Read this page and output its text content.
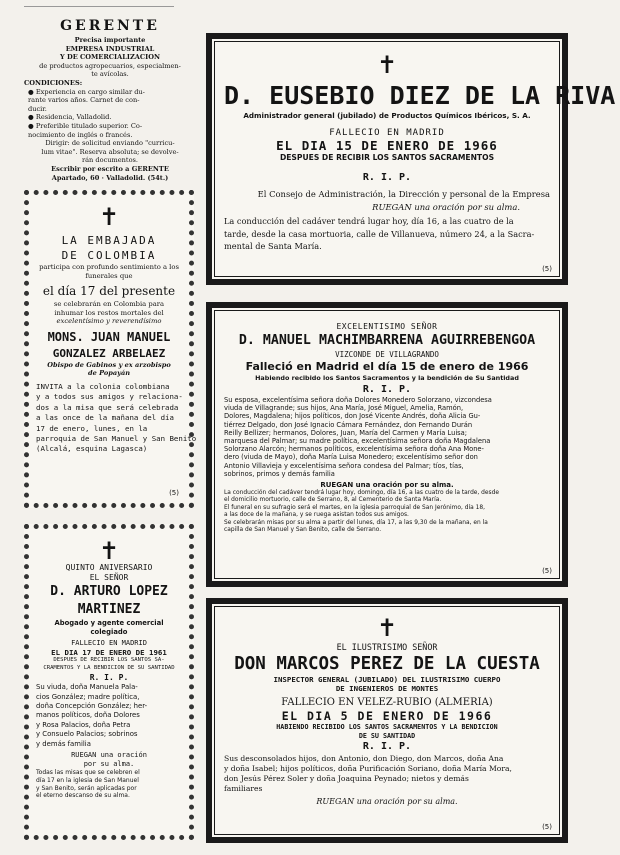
GERENTE
Precisa importante
EMPRESA INDUSTRIAL
Y DE COMERCIALIZACION
de productos agropecuarios, especialmen-
te avícolas.
CONDICIONES:
● Experiencia en cargo similar du-
rante varios años. Carnet de con-
ducir.
● Residencia, Valladolid.
● Preferible titulado superior. Co-
nocimiento de inglés o francés.
Dirigir: de solicitud enviando "curricu-
lum vitae". Reserva absoluta; se devolve-
rán documentos.
Escribir por escrito a GERENTE
Apartado, 60 · Valladolid. (54t.)
✝
D. EUSEBIO DIEZ DE LA RIVA
Administrador general (jubilado) de Productos Químicos Ibéricos, S. A.
FALLECIO EN MADRID
EL DIA 15 DE ENERO DE 1966
DESPUES DE RECIBIR LOS SANTOS SACRAMENTOS
R. I. P.
El Consejo de Administración, la Dirección y personal de la Empresa
RUEGAN una oración por su alma.
La conducción del cadáver tendrá lugar hoy, día 16, a las cuatro de la
tarde, desde la casa mortuoria, calle de Villanueva, número 24, a la Sacra-
mental de Santa María.
(5)
EXCELENTISIMO SEÑOR
D. MANUEL MACHIMBARRENA AGUIRREBENGOA
VIZCONDE DE VILLAGRANDO
Falleció en Madrid el día 15 de enero de 1966
Habiendo recibido los Santos Sacramentos y la bendición de Su Santidad
R. I. P.
Su esposa, excelentísima señora doña Dolores Monedero Solorzano, vizcondesa
viuda de Villagrande; sus hijos, Ana María, José Miguel, Amelia, Ramón,
Dolores, Magdalena; hijos políticos, don José Vicente Andrés, doña Alicia Gu-
tiérrez Delgado, don José Ignacio Cámara Fernández, don Fernando Durán
Reilly Bellizer; hermanos, Dolores, Juan, María del Carmen y María Luisa;
marquesa del Palmar; su madre política, excelentísima señora doña Magdalena
Solorzano Alarcón; hermanos políticos, excelentísima señora doña Ana Mone-
dero (viuda de Mayo), doña María Luisa Monedero; excelentísimo señor don
Antonio Villavieja y excelentísima señora condesa del Palmar; tíos, tías,
sobrinos, primos y demás familia
RUEGAN una oración por su alma.
La conducción del cadáver tendrá lugar hoy, domingo, día 16, a las cuatro de la tarde, desde
el domicilio mortuorio, calle de Serrano, 8, al Cementerio de Santa María.
El funeral en su sufragio será el martes, en la iglesia parroquial de San Jerónimo, día 18,
a las doce de la mañana, y se ruega asistan todos sus amigos.
Se celebrarán misas por su alma a partir del lunes, día 17, a las 9,30 de la mañana, en la
capilla de San Manuel y San Benito, calle de Serrano.
(5)
✝
EL ILUSTRISIMO SEÑOR
DON MARCOS PEREZ DE LA CUESTA
INSPECTOR GENERAL (JUBILADO) DEL ILUSTRISIMO CUERPO
DE INGENIEROS DE MONTES
FALLECIO EN VELEZ-RUBIO (ALMERIA)
EL DIA 5 DE ENERO DE 1966
HABIENDO RECIBIDO LOS SANTOS SACRAMENTOS Y LA BENDICION
DE SU SANTIDAD
R. I. P.
Sus desconsolados hijos, don Antonio, don Diego, don Marcos, doña Ana
y doña Isabel; hijos políticos, doña Purificación Soriano, doña María Mora,
don Jesús Pérez Soler y doña Joaquina Peynado; nietos y demás
familiares
RUEGAN una oración por su alma.
(5)
✝
LA EMBAJADA
DE COLOMBIA
participa con profundo sentimiento a los
funerales que
el día 17 del presente
se celebrarán en Colombia para
inhumar los restos mortales del
excelentísimo y reverendísimo
MONS. JUAN MANUEL
GONZALEZ ARBELAEZ
Obispo de Gabinos y ex arzobispo
de Popayán
INVITA a la colonia colombiana
y a todos sus amigos y relaciona-
dos a la misa que será celebrada
a las once de la mañana del día
17 de enero, lunes, en la
parroquia de San Manuel y San Benito
(Alcalá, esquina Lagasca)
(5)
✝
QUINTO ANIVERSARIO
EL SEÑOR
D. ARTURO LOPEZ
MARTINEZ
Abogado y agente comercial
colegiado
FALLECIO EN MADRID
EL DIA 17 DE ENERO DE 1961
DESPUES DE RECIBIR LOS SANTOS SA-
CRAMENTOS Y LA BENDICION DE SU SANTIDAD
R. I. P.
Su viuda, doña Manuela Pala-
cios González; madre política,
doña Concepción González; her-
manos políticos, doña Dolores
y Rosa Palacios, doña Petra
y Consuelo Palacios; sobrinos
y demás familia
RUEGAN una oración
por su alma.
Todas las misas que se celebren el
día 17 en la iglesia de San Manuel
y San Benito, serán aplicadas por
el eterno descanso de su alma.
